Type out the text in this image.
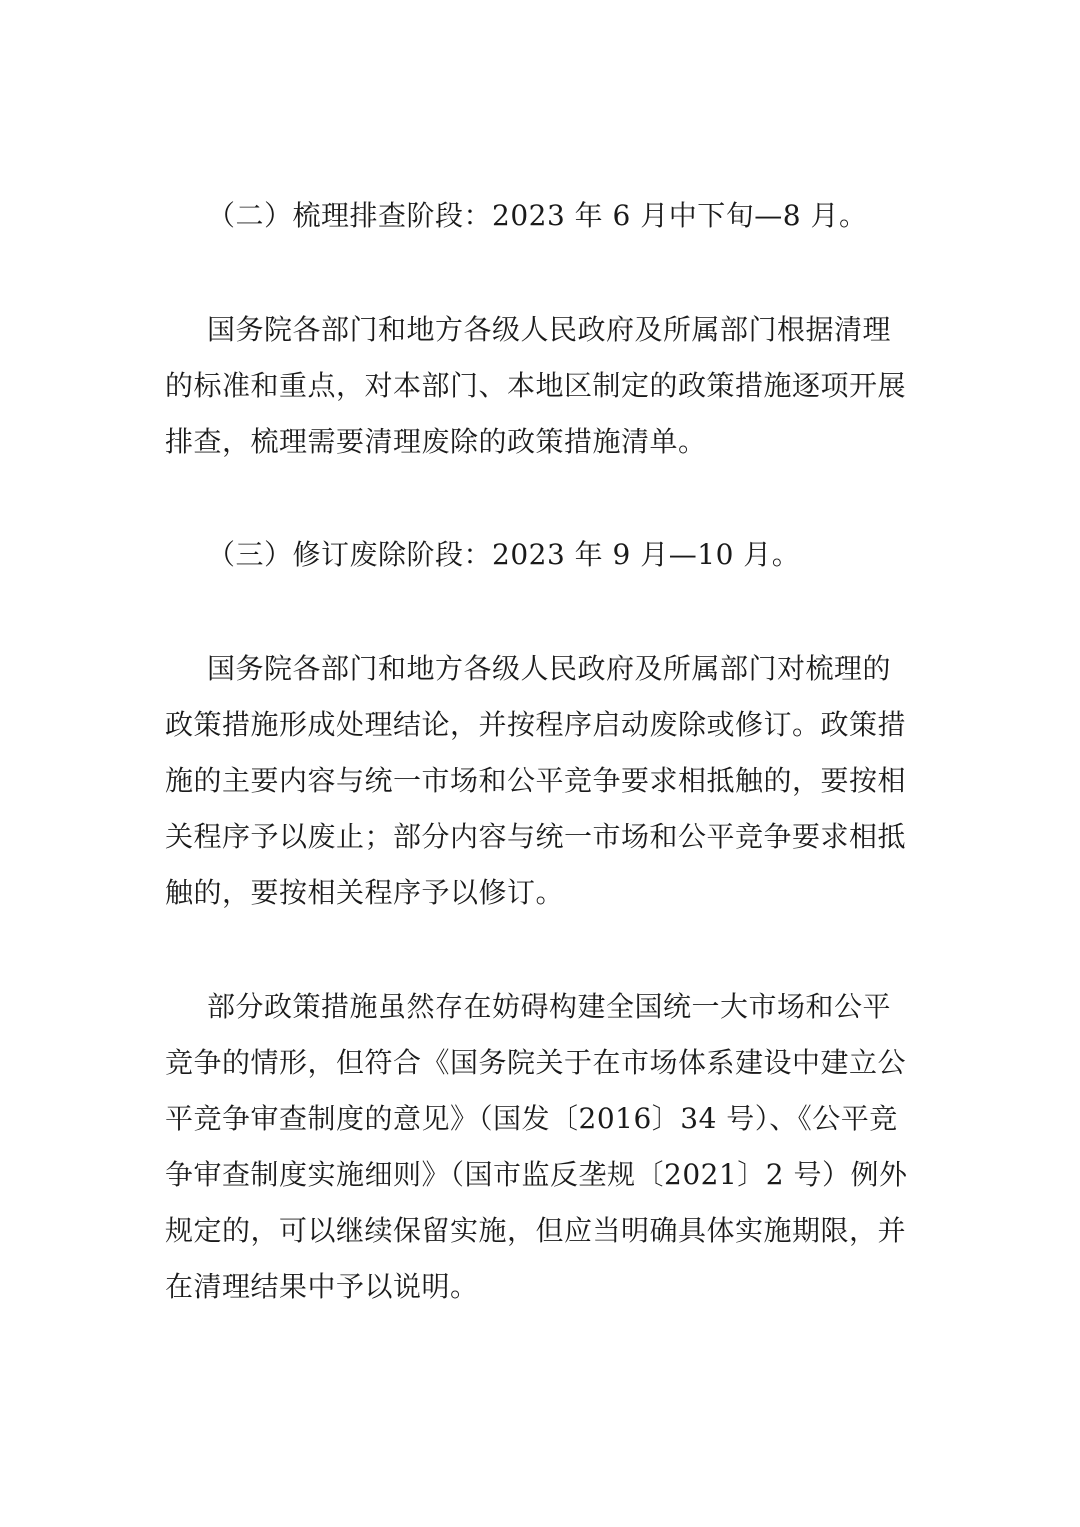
（二）梳理排查阶段：2023 年 6 月中下旬—8 月。

国务院各部门和地方各级人民政府及所属部门根据清理
的标准和重点，对本部门、本地区制定的政策措施逐项开展
排查，梳理需要清理废除的政策措施清单。

（三）修订废除阶段：2023 年 9 月—10 月。

国务院各部门和地方各级人民政府及所属部门对梳理的
政策措施形成处理结论，并按程序启动废除或修订。政策措
施的主要内容与统一市场和公平竞争要求相抵触的，要按相
关程序予以废止；部分内容与统一市场和公平竞争要求相抵
触的，要按相关程序予以修订。

部分政策措施虽然存在妨碍构建全国统一大市场和公平
竞争的情形，但符合《国务院关于在市场体系建设中建立公
平竞争审查制度的意见》（国发〔2016〕34 号）、《公平竞
争审查制度实施细则》（国市监反垄规〔2021〕2 号）例外
规定的，可以继续保留实施，但应当明确具体实施期限，并
在清理结果中予以说明。
